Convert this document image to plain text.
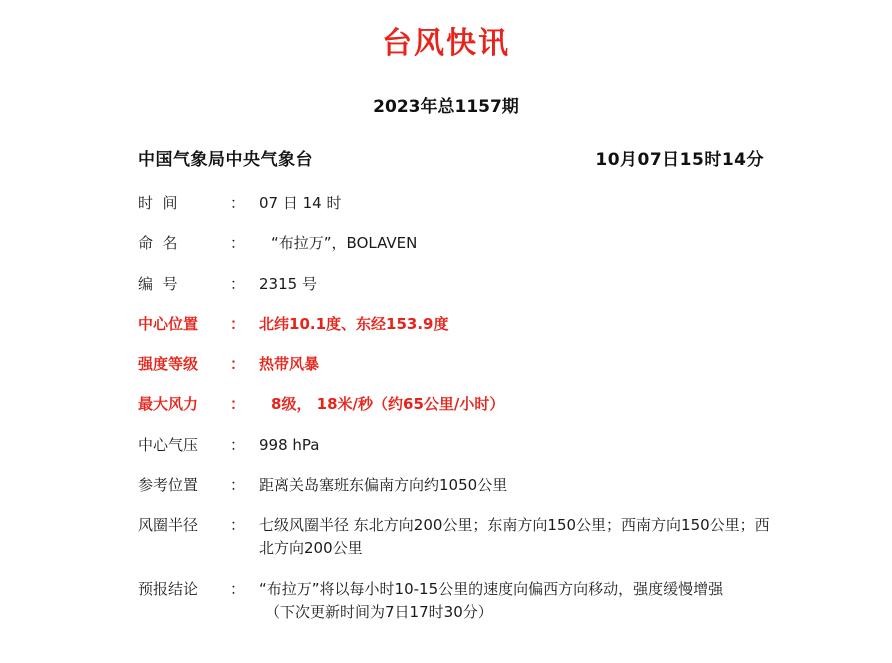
台风快讯
2023年总1157期
中国气象局中央气象台	10月07日15时14分
时  间	： 07 日 14 时
命  名	：	“布拉万”，BOLAVEN
编  号	： 2315 号
中心位置	： 北纬10.1度、东经153.9度
强度等级	： 热带风暴
最大风力	：	8级， 18米/秒（约65公里/小时）
中心气压	： 998 hPa
参考位置	： 距离关岛塞班东偏南方向约1050公里
风圈半径	： 七级风圈半径 东北方向200公里；东南方向150公里；西南方向150公里；西北方向200公里
预报结论	： “布拉万”将以每小时10-15公里的速度向偏西方向移动，强度缓慢增强
（下次更新时间为7日17时30分）
